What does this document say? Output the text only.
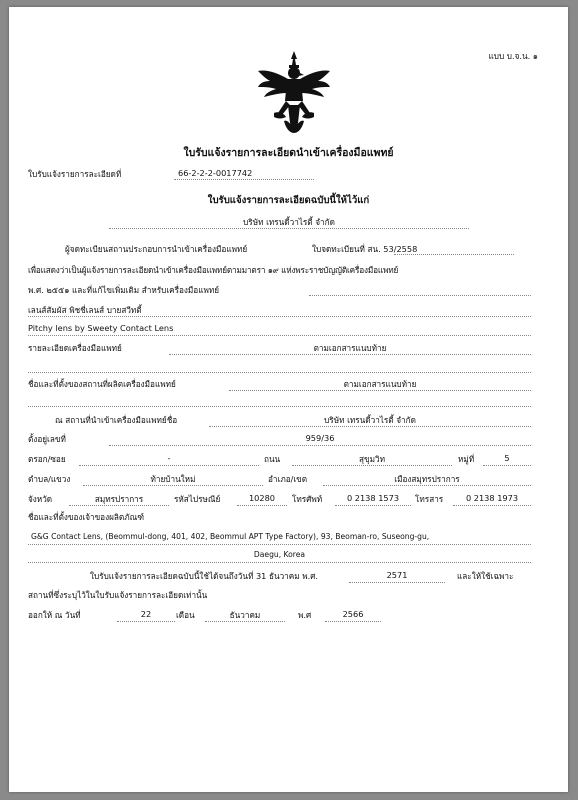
แบบ บ.จ.น. ๑
ใบรับแจ้งรายการละเอียดนำเข้าเครื่องมือแพทย์
ใบรับแจ้งรายการละเอียดที่	66-2-2-2-0017742
ใบรับแจ้งรายการละเอียดฉบับนี้ให้ไว้แก่
บริษัท เทรนดี้วาไรตี้ จำกัด
ผู้จดทะเบียนสถานประกอบการนำเข้าเครื่องมือแพทย์	ใบจดทะเบียนที่ สน. 53/2558
เพื่อแสดงว่าเป็นผู้แจ้งรายการละเอียดนำเข้าเครื่องมือแพทย์ตามมาตรา ๑๙ แห่งพระราชบัญญัติเครื่องมือแพทย์
พ.ศ. ๒๕๕๑ และที่แก้ไขเพิ่มเติม สำหรับเครื่องมือแพทย์
เลนส์สัมผัส พิชชี่เลนส์ บายสวีทตี้
Pitchy lens by Sweety Contact Lens
รายละเอียดเครื่องมือแพทย์	ตามเอกสารแนบท้าย
ชื่อและที่ตั้งของสถานที่ผลิตเครื่องมือแพทย์	ตามเอกสารแนบท้าย
ณ สถานที่นำเข้าเครื่องมือแพทย์ชื่อ	บริษัท เทรนดี้วาไรตี้ จำกัด
ตั้งอยู่เลขที่	959/36
ตรอก/ซอย	-	ถนน	สุขุมวิท	หมู่ที่	5
ตำบล/แขวง	ท้ายบ้านใหม่	อำเภอ/เขต	เมืองสมุทรปราการ
จังหวัด	สมุทรปราการ	รหัสไปรษณีย์	10280	โทรศัพท์	0 2138 1573	โทรสาร	0 2138 1973
ชื่อและที่ตั้งของเจ้าของผลิตภัณฑ์
G&G Contact Lens, (Beommul-dong, 401, 402, Beommul APT Type Factory), 93, Beoman-ro, Suseong-gu,
Daegu, Korea
ใบรับแจ้งรายการละเอียดฉบับนี้ใช้ได้จนถึงวันที่ 31 ธันวาคม พ.ศ.	2571	และให้ใช้เฉพาะ
สถานที่ซึ่งระบุไว้ในใบรับแจ้งรายการละเอียดเท่านั้น
ออกให้ ณ วันที่	22	เดือน	ธันวาคม	พ.ศ	2566
